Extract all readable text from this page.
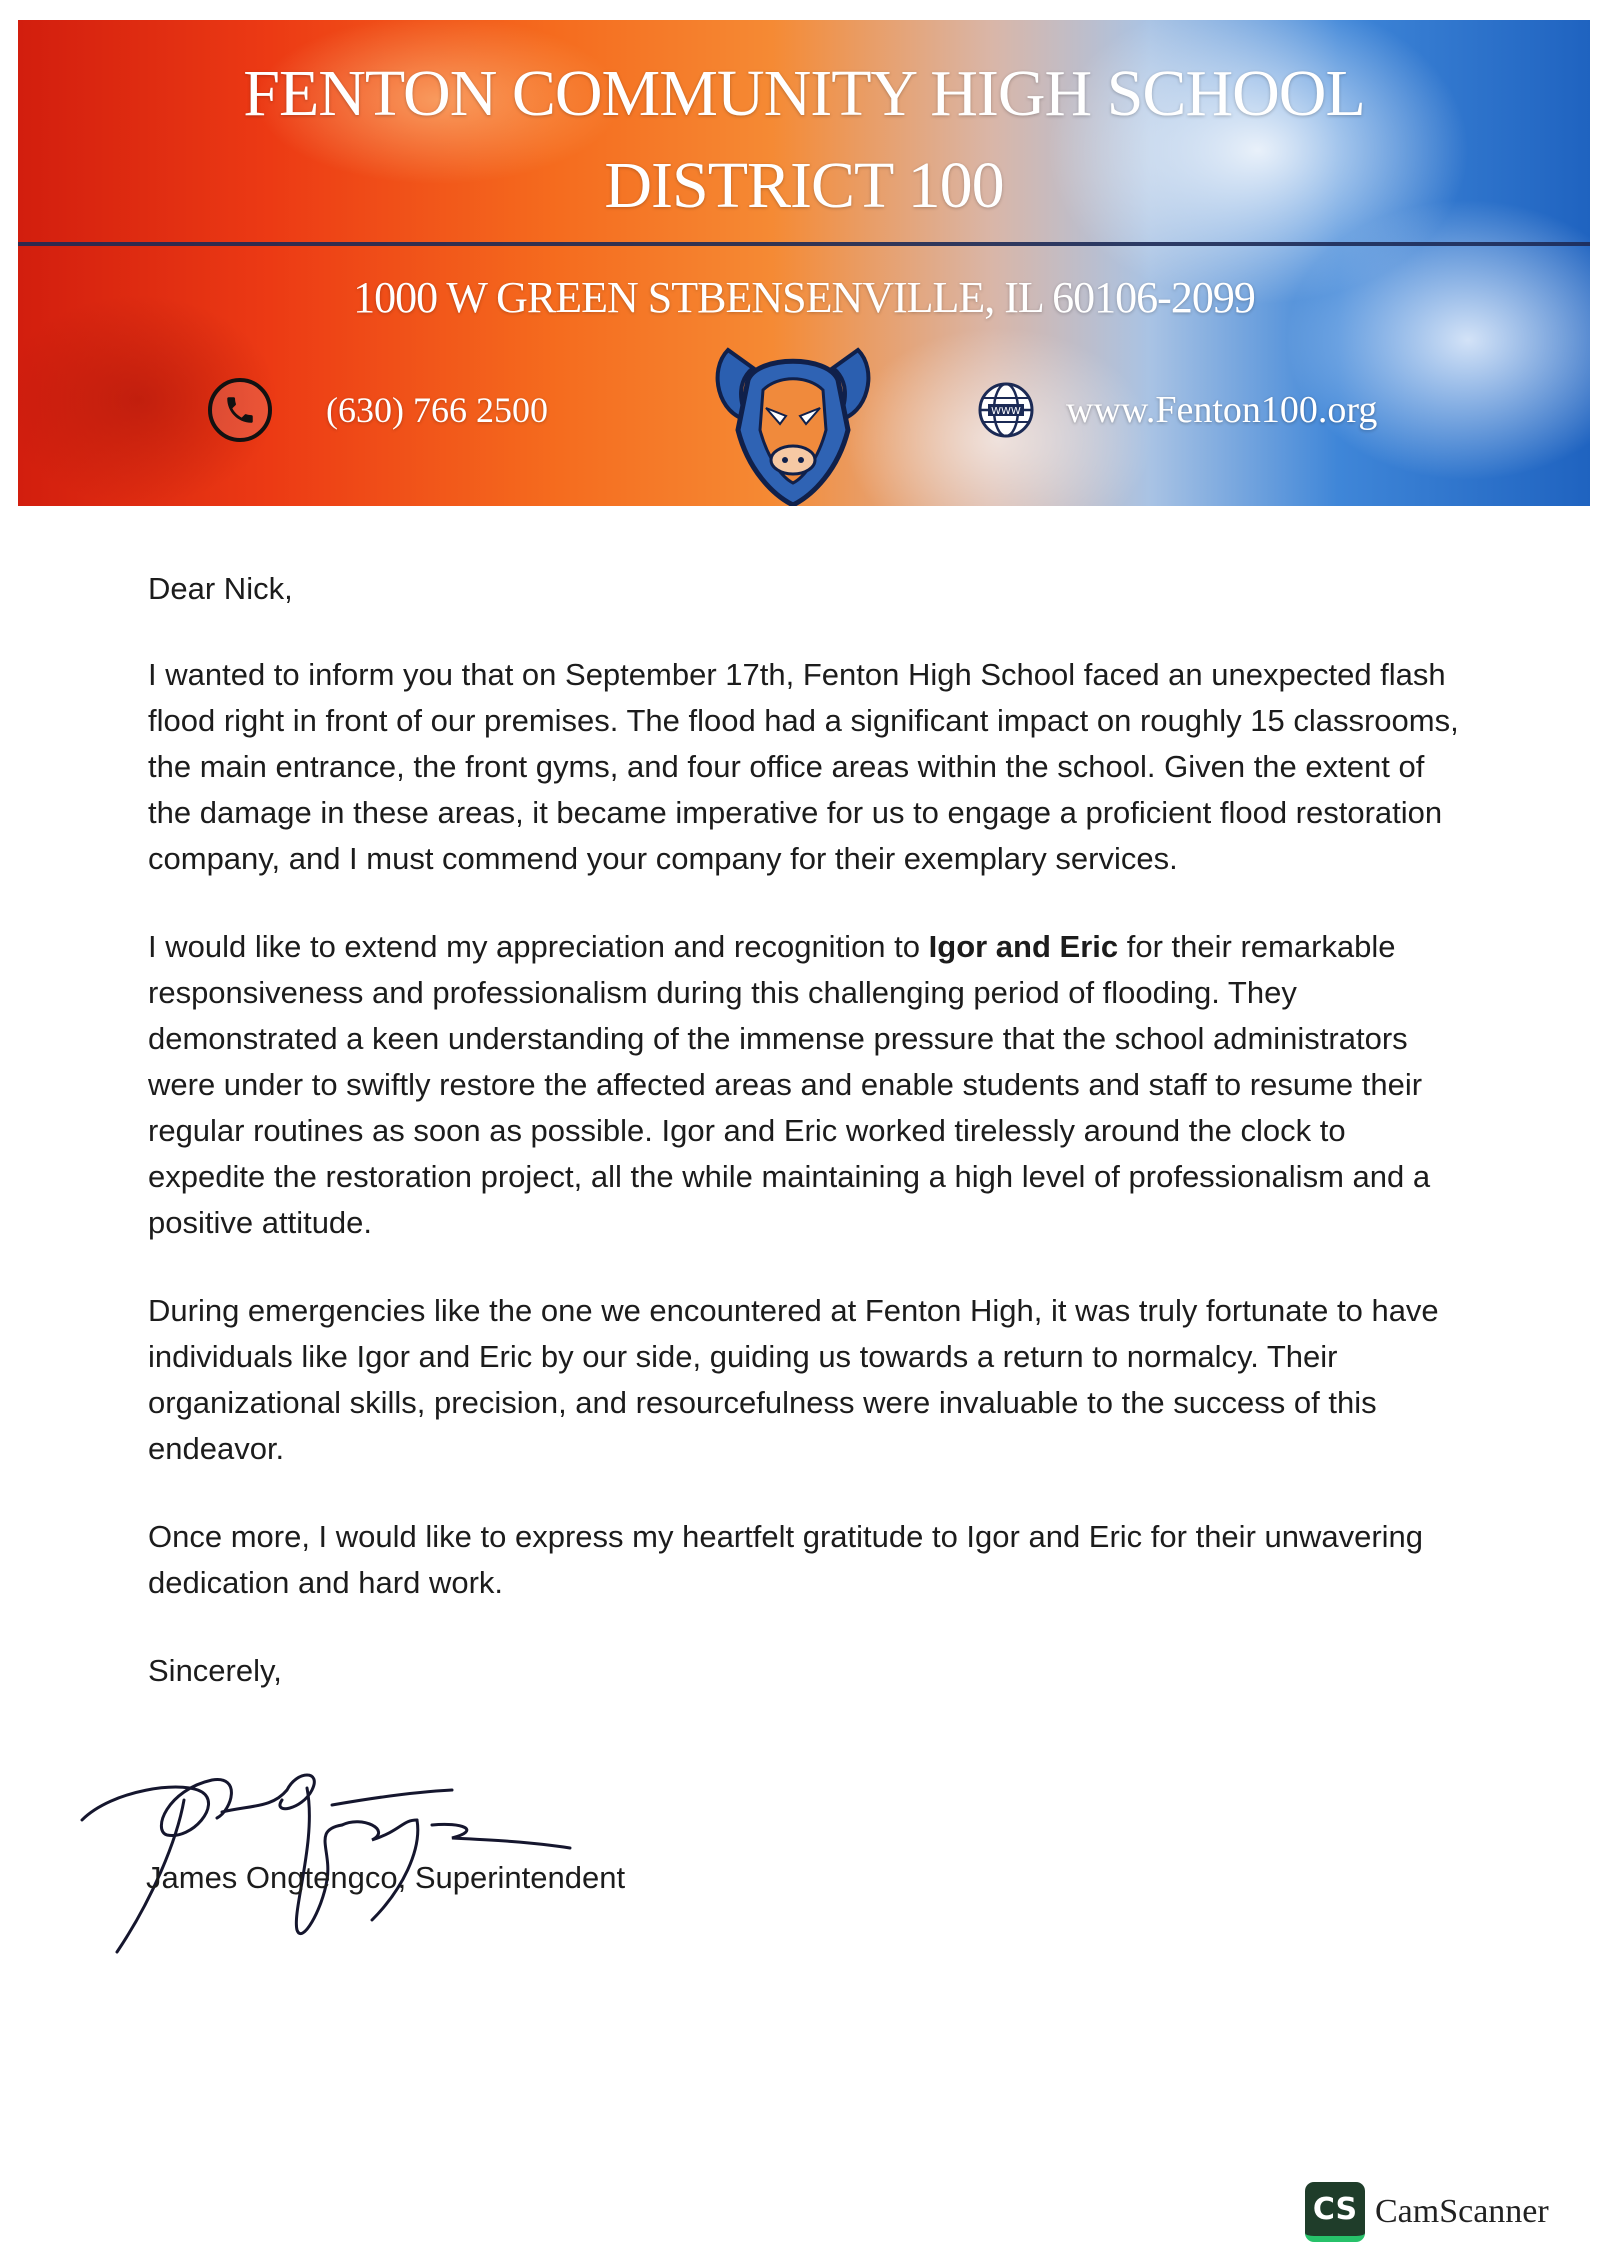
FENTON COMMUNITY HIGH SCHOOL
DISTRICT 100
1000 W GREEN STBENSENVILLE, IL 60106-2099
(630) 766 2500	WWW www.Fenton100.org

Dear Nick,

I wanted to inform you that on September 17th, Fenton High School faced an unexpected flash flood right in front of our premises. The flood had a significant impact on roughly 15 classrooms, the main entrance, the front gyms, and four office areas within the school. Given the extent of the damage in these areas, it became imperative for us to engage a proficient flood restoration company, and I must commend your company for their exemplary services.

I would like to extend my appreciation and recognition to Igor and Eric for their remarkable responsiveness and professionalism during this challenging period of flooding. They demonstrated a keen understanding of the immense pressure that the school administrators were under to swiftly restore the affected areas and enable students and staff to resume their regular routines as soon as possible. Igor and Eric worked tirelessly around the clock to expedite the restoration project, all the while maintaining a high level of professionalism and a positive attitude.

During emergencies like the one we encountered at Fenton High, it was truly fortunate to have individuals like Igor and Eric by our side, guiding us towards a return to normalcy. Their organizational skills, precision, and resourcefulness were invaluable to the success of this endeavor.

Once more, I would like to express my heartfelt gratitude to Igor and Eric for their unwavering dedication and hard work.

Sincerely,

James Ongtengco, Superintendent
CS CamScanner
